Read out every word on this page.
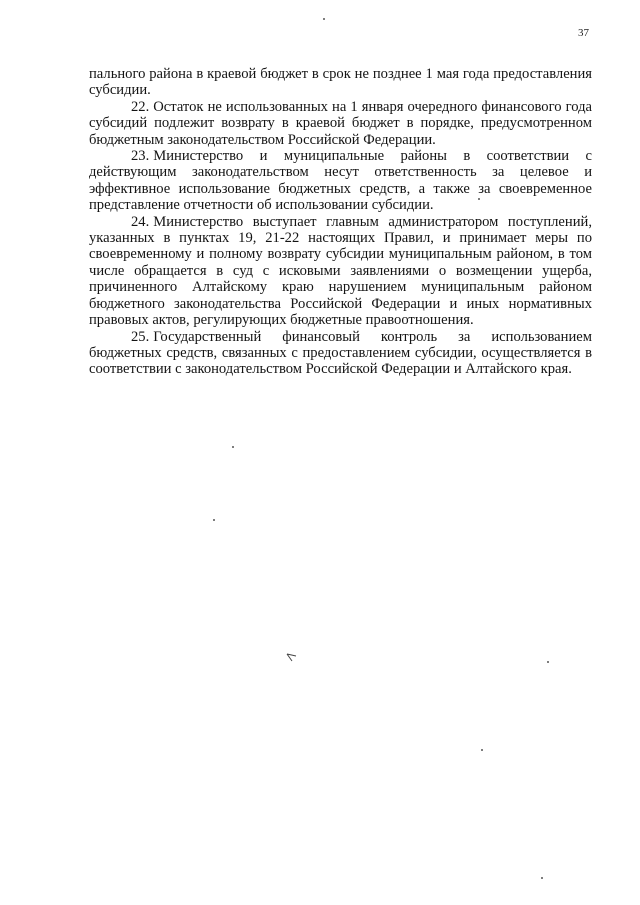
37

пального района в краевой бюджет в срок не позднее 1 мая года предоставления субсидии.

22. Остаток не использованных на 1 января очередного финансового года субсидий подлежит возврату в краевой бюджет в порядке, предусмотренном бюджетным законодательством Российской Федерации.

23. Министерство и муниципальные районы в соответствии с действующим законодательством несут ответственность за целевое и эффективное использование бюджетных средств, а также за своевременное представление отчетности об использовании субсидии.

24. Министерство выступает главным администратором поступлений, указанных в пунктах 19, 21-22 настоящих Правил, и принимает меры по своевременному и полному возврату субсидии муниципальным районом, в том числе обращается в суд с исковыми заявлениями о возмещении ущерба, причиненного Алтайскому краю нарушением муниципальным районом бюджетного законодательства Российской Федерации и иных нормативных правовых актов, регулирующих бюджетные правоотношения.

25. Государственный финансовый контроль за использованием бюджетных средств, связанных с предоставлением субсидии, осуществляется в соответствии с законодательством Российской Федерации и Алтайского края.
